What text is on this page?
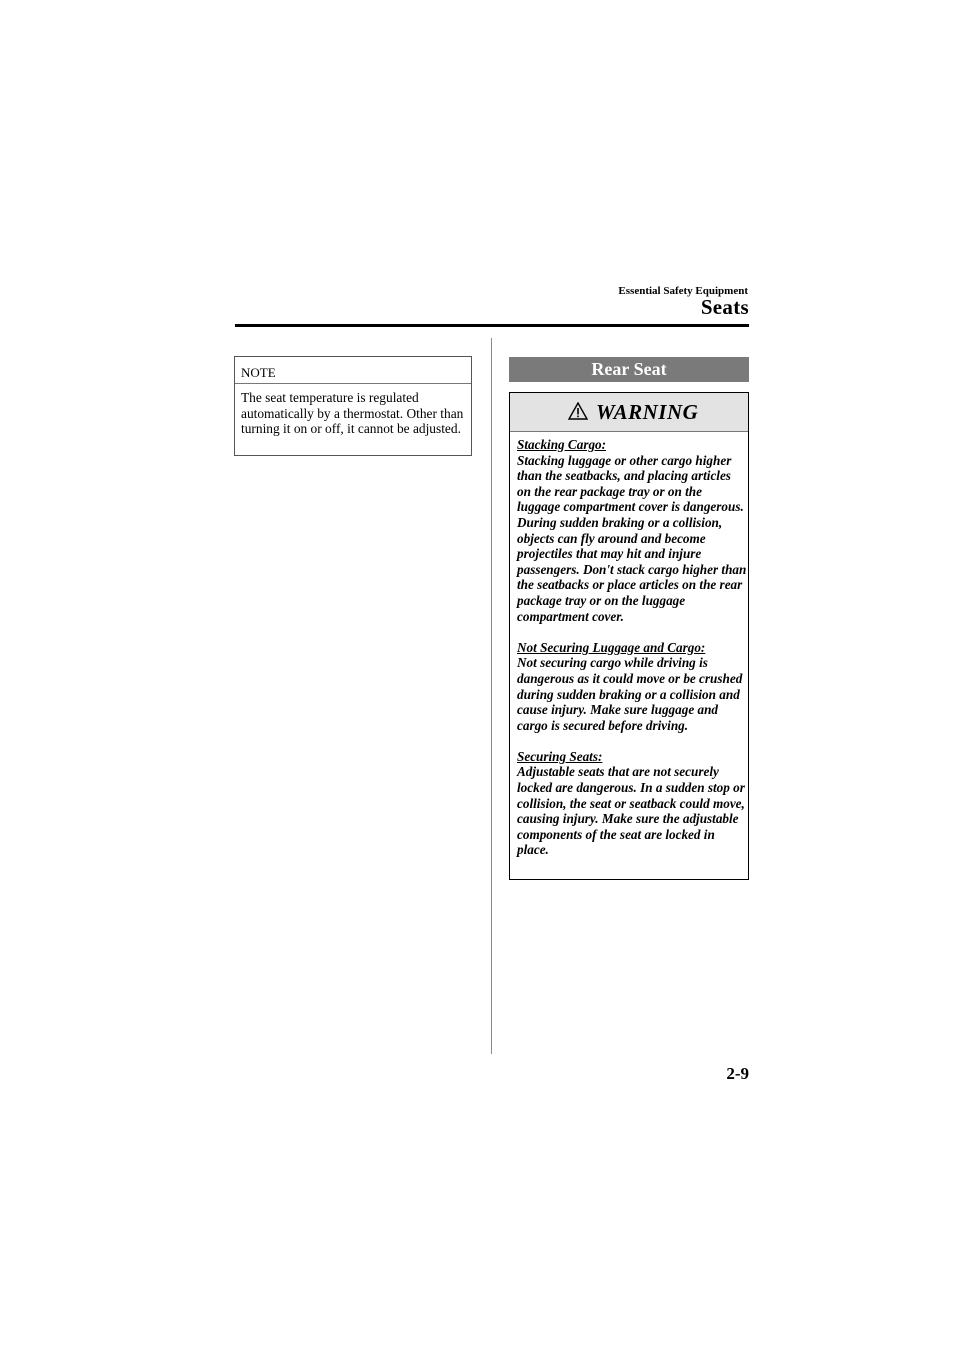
Essential Safety Equipment
Seats
NOTE
The seat temperature is regulated automatically by a thermostat. Other than turning it on or off, it cannot be adjusted.
Rear Seat
WARNING
Stacking Cargo:
Stacking luggage or other cargo higher than the seatbacks, and placing articles on the rear package tray or on the luggage compartment cover is dangerous. During sudden braking or a collision, objects can fly around and become projectiles that may hit and injure passengers. Don't stack cargo higher than the seatbacks or place articles on the rear package tray or on the luggage compartment cover.
Not Securing Luggage and Cargo:
Not securing cargo while driving is dangerous as it could move or be crushed during sudden braking or a collision and cause injury. Make sure luggage and cargo is secured before driving.
Securing Seats:
Adjustable seats that are not securely locked are dangerous. In a sudden stop or collision, the seat or seatback could move, causing injury. Make sure the adjustable components of the seat are locked in place.
2-9
